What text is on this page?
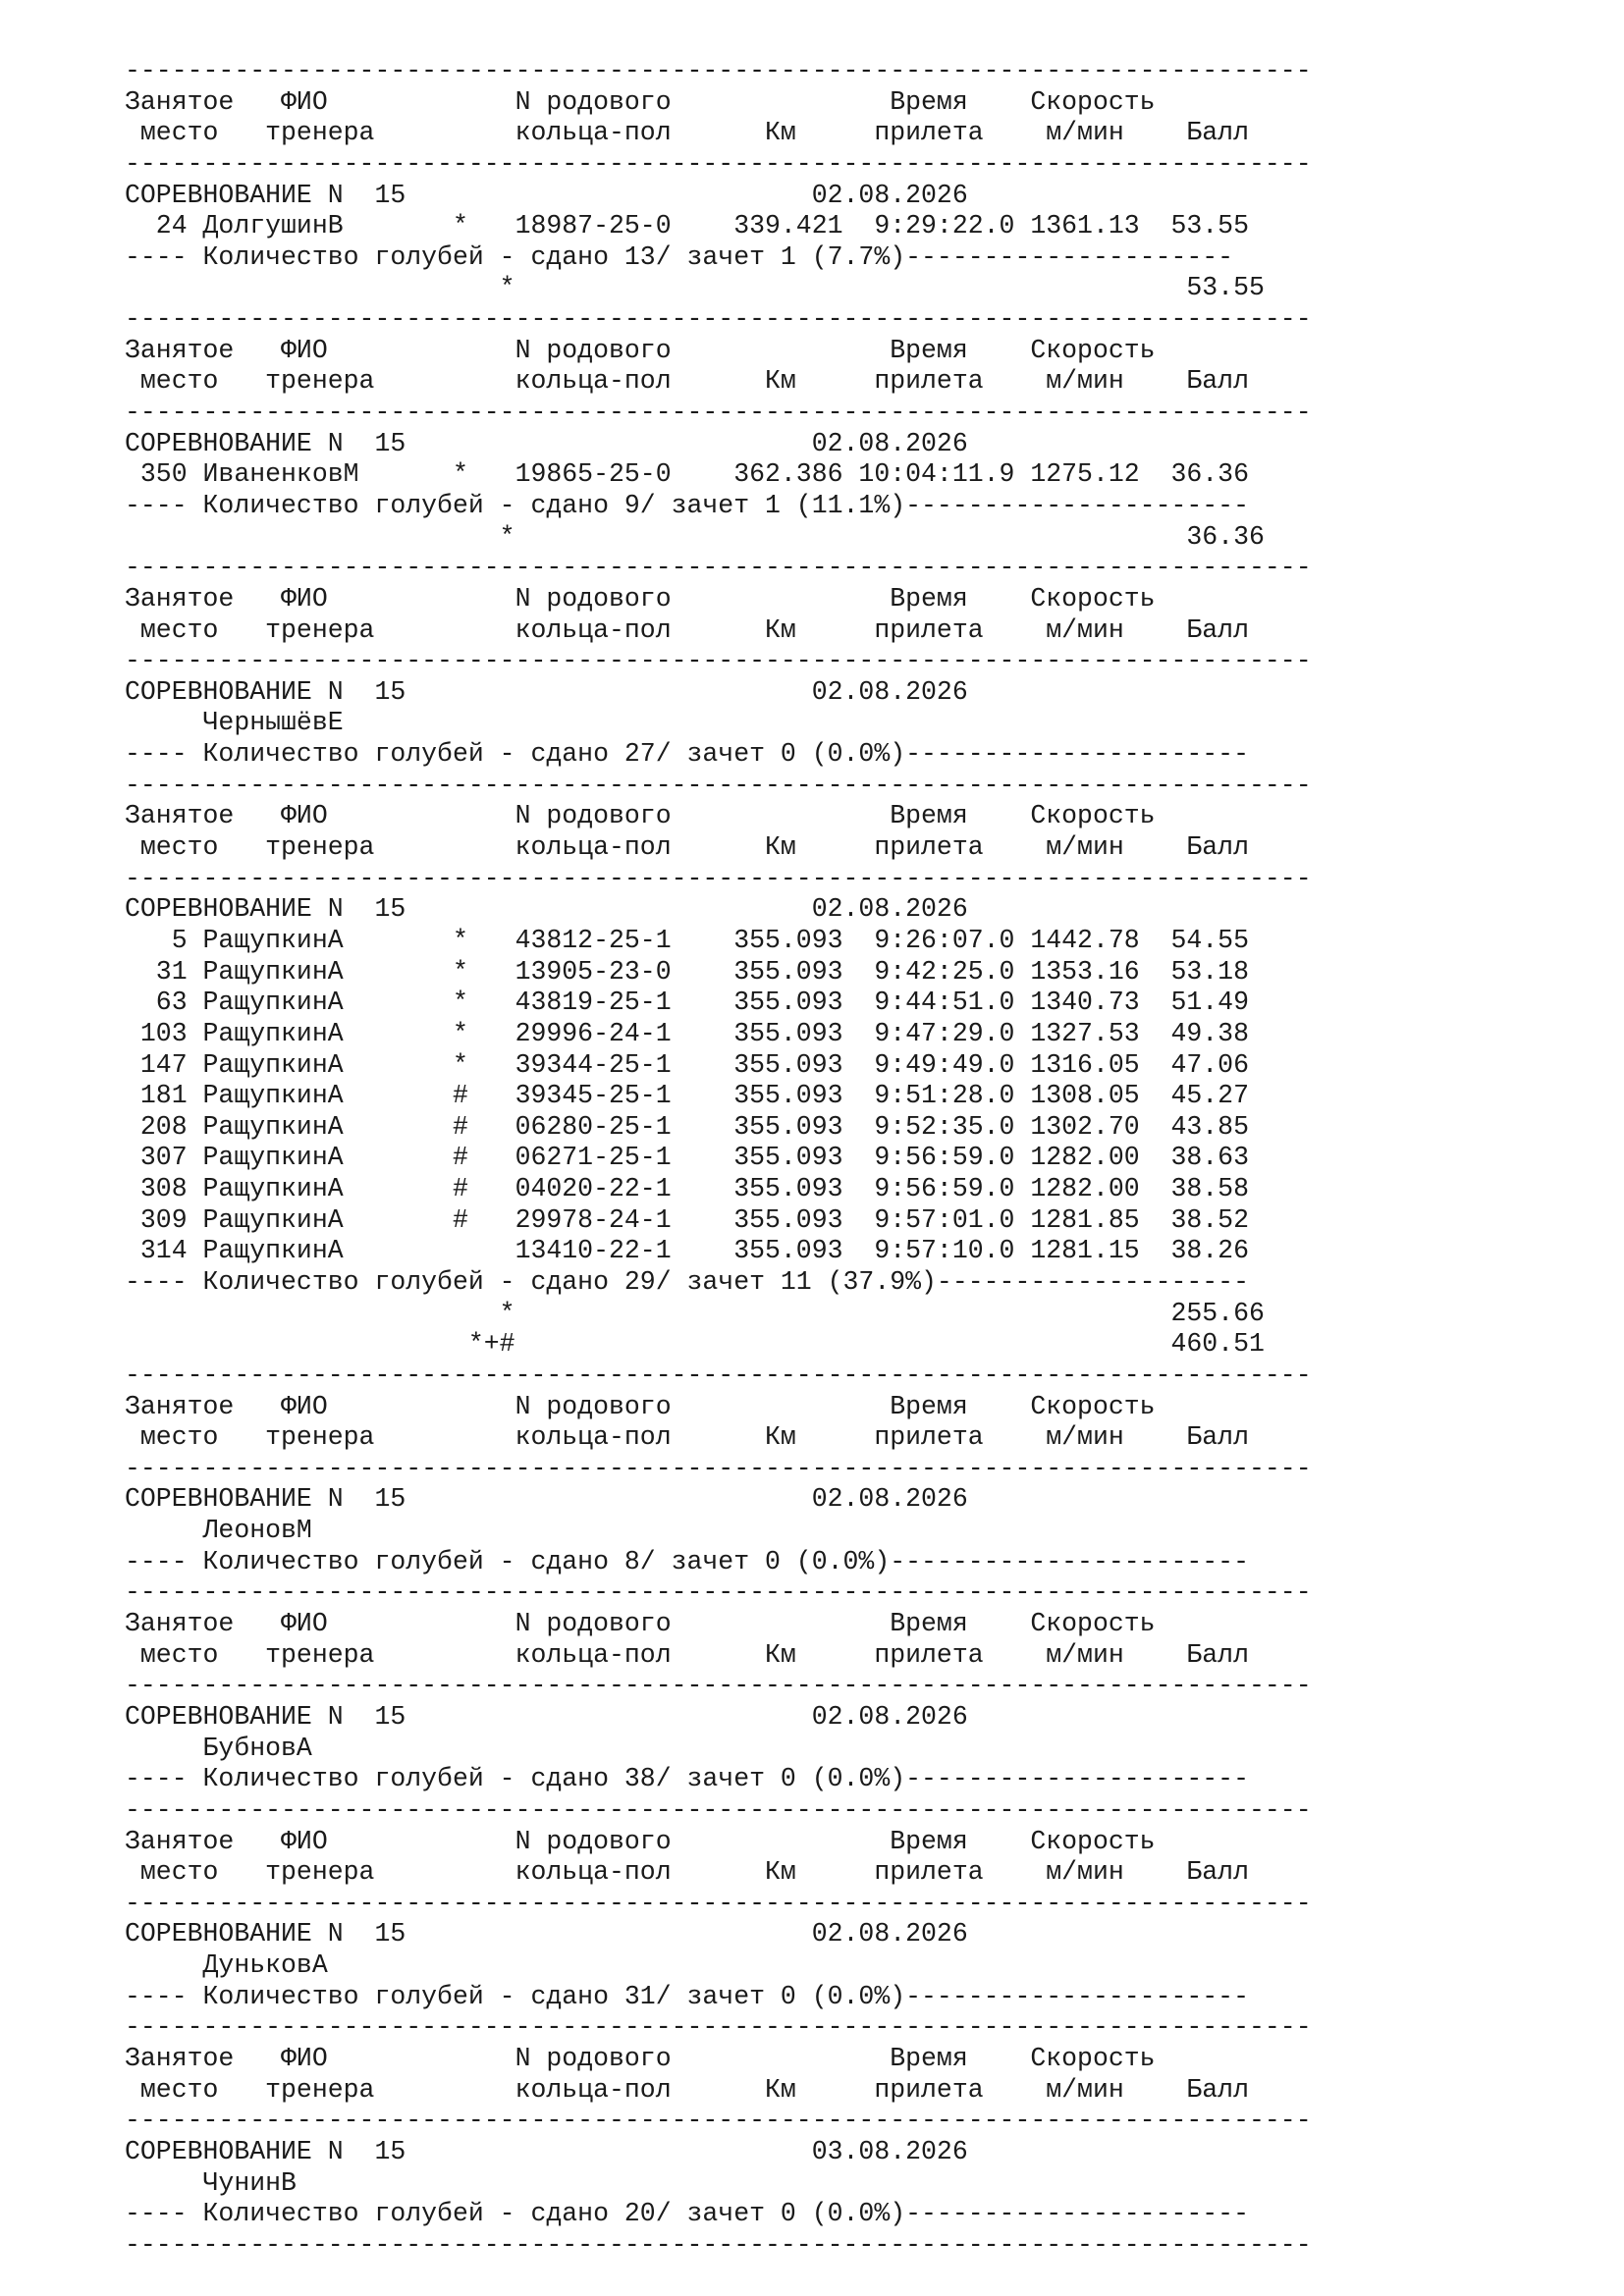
----------------------------------------------------------------------------
Занятое   ФИО            N родового              Время    Скорость
место   тренера         кольца-пол      Км     прилета    м/мин    Балл
----------------------------------------------------------------------------
СОРЕВНОВАНИЕ N  15                          02.08.2026
24 ДолгушинВ       *   18987-25-0    339.421  9:29:22.0 1361.13  53.55
---- Количество голубей - сдано 13/ зачет 1 (7.7%)---------------------
*                                           53.55
----------------------------------------------------------------------------
Занятое   ФИО            N родового              Время    Скорость
место   тренера         кольца-пол      Км     прилета    м/мин    Балл
----------------------------------------------------------------------------
СОРЕВНОВАНИЕ N  15                          02.08.2026
350 ИваненковМ      *   19865-25-0    362.386 10:04:11.9 1275.12  36.36
---- Количество голубей - сдано 9/ зачет 1 (11.1%)----------------------
*                                           36.36
----------------------------------------------------------------------------
Занятое   ФИО            N родового              Время    Скорость
место   тренера         кольца-пол      Км     прилета    м/мин    Балл
----------------------------------------------------------------------------
СОРЕВНОВАНИЕ N  15                          02.08.2026
ЧернышёвЕ
---- Количество голубей - сдано 27/ зачет 0 (0.0%)----------------------
----------------------------------------------------------------------------
Занятое   ФИО            N родового              Время    Скорость
место   тренера         кольца-пол      Км     прилета    м/мин    Балл
----------------------------------------------------------------------------
СОРЕВНОВАНИЕ N  15                          02.08.2026
5 РащупкинА       *   43812-25-1    355.093  9:26:07.0 1442.78  54.55
31 РащупкинА       *   13905-23-0    355.093  9:42:25.0 1353.16  53.18
63 РащупкинА       *   43819-25-1    355.093  9:44:51.0 1340.73  51.49
103 РащупкинА       *   29996-24-1    355.093  9:47:29.0 1327.53  49.38
147 РащупкинА       *   39344-25-1    355.093  9:49:49.0 1316.05  47.06
181 РащупкинА       #   39345-25-1    355.093  9:51:28.0 1308.05  45.27
208 РащупкинА       #   06280-25-1    355.093  9:52:35.0 1302.70  43.85
307 РащупкинА       #   06271-25-1    355.093  9:56:59.0 1282.00  38.63
308 РащупкинА       #   04020-22-1    355.093  9:56:59.0 1282.00  38.58
309 РащупкинА       #   29978-24-1    355.093  9:57:01.0 1281.85  38.52
314 РащупкинА           13410-22-1    355.093  9:57:10.0 1281.15  38.26
---- Количество голубей - сдано 29/ зачет 11 (37.9%)--------------------
*                                          255.66
*+#                                          460.51
----------------------------------------------------------------------------
Занятое   ФИО            N родового              Время    Скорость
место   тренера         кольца-пол      Км     прилета    м/мин    Балл
----------------------------------------------------------------------------
СОРЕВНОВАНИЕ N  15                          02.08.2026
ЛеоновМ
---- Количество голубей - сдано 8/ зачет 0 (0.0%)-----------------------
----------------------------------------------------------------------------
Занятое   ФИО            N родового              Время    Скорость
место   тренера         кольца-пол      Км     прилета    м/мин    Балл
----------------------------------------------------------------------------
СОРЕВНОВАНИЕ N  15                          02.08.2026
БубновА
---- Количество голубей - сдано 38/ зачет 0 (0.0%)----------------------
----------------------------------------------------------------------------
Занятое   ФИО            N родового              Время    Скорость
место   тренера         кольца-пол      Км     прилета    м/мин    Балл
----------------------------------------------------------------------------
СОРЕВНОВАНИЕ N  15                          02.08.2026
ДуньковА
---- Количество голубей - сдано 31/ зачет 0 (0.0%)----------------------
----------------------------------------------------------------------------
Занятое   ФИО            N родового              Время    Скорость
место   тренера         кольца-пол      Км     прилета    м/мин    Балл
----------------------------------------------------------------------------
СОРЕВНОВАНИЕ N  15                          03.08.2026
ЧунинВ
---- Количество голубей - сдано 20/ зачет 0 (0.0%)----------------------
----------------------------------------------------------------------------
